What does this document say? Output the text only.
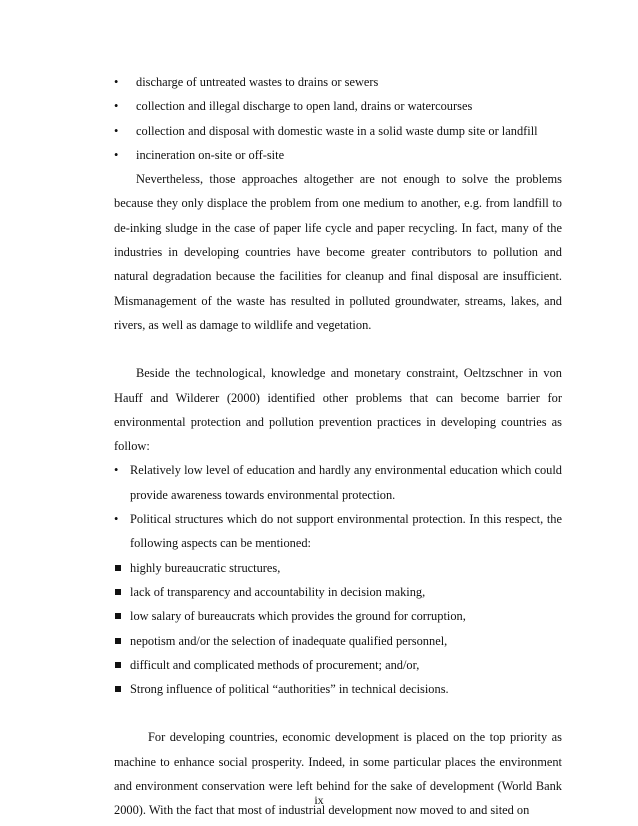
•	discharge of untreated wastes to drains or sewers
•	collection and illegal discharge to open land, drains or watercourses
•	collection and disposal with domestic waste in a solid waste dump site or landfill
•	incineration on-site or off-site
Nevertheless, those approaches altogether are not enough to solve the problems because they only displace the problem from one medium to another, e.g. from landfill to de-inking sludge in the case of paper life cycle and paper recycling. In fact, many of the industries in developing countries have become greater contributors to pollution and natural degradation because the facilities for cleanup and final disposal are insufficient. Mismanagement of the waste has resulted in polluted groundwater, streams, lakes, and rivers, as well as damage to wildlife and vegetation.
Beside the technological, knowledge and monetary constraint, Oeltzschner in von Hauff and Wilderer (2000) identified other problems that can become barrier for environmental protection and pollution prevention practices in developing countries as follow:
• Relatively low level of education and hardly any environmental education which could provide awareness towards environmental protection.
• Political structures which do not support environmental protection. In this respect, the following aspects can be mentioned:
highly bureaucratic structures,
lack of transparency and accountability in decision making,
low salary of bureaucrats which provides the ground for corruption,
nepotism and/or the selection of inadequate qualified personnel,
difficult and complicated methods of procurement; and/or,
Strong influence of political “authorities” in technical decisions.
For developing countries, economic development is placed on the top priority as machine to enhance social prosperity. Indeed, in some particular places the environment and environment conservation were left behind for the sake of development (World Bank 2000). With the fact that most of industrial development now moved to and sited on
ix
